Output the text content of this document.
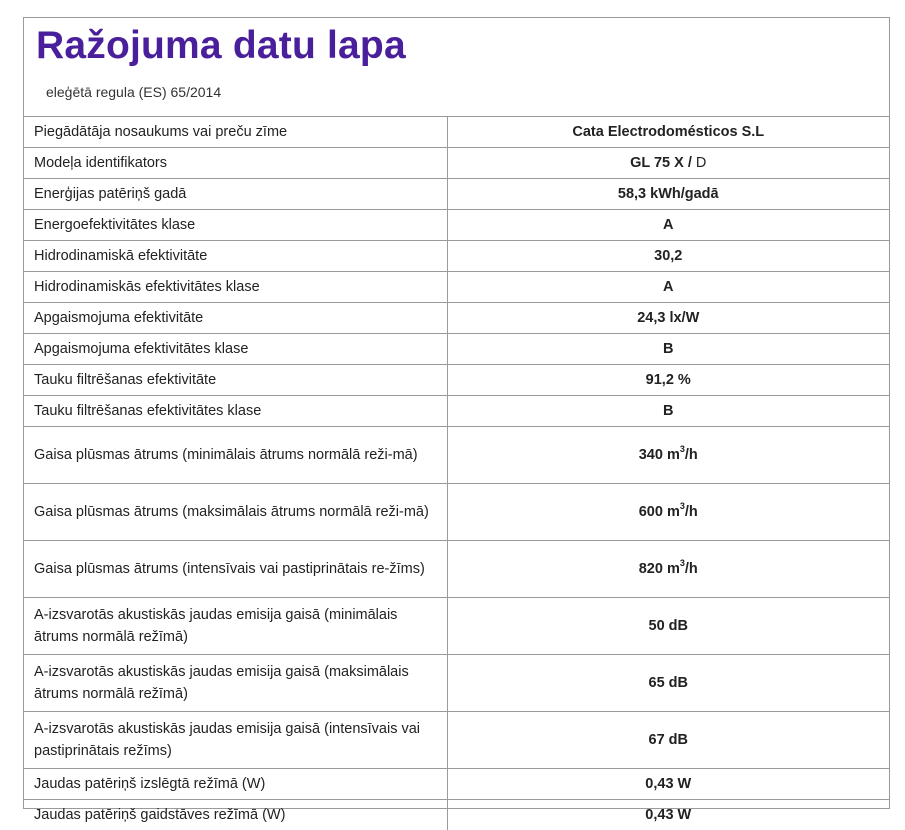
Ražojuma datu lapa
eleģētā regula (ES) 65/2014
Piegādātāja nosaukums vai preču zīme	Cata Electrodomésticos S.L
Modeļa identifikators	GL 75 X / D
Enerģijas patēriņš gadā	58,3 kWh/gadā
Energoefektivitātes klase	A
Hidrodinamiskā efektivitāte	30,2
Hidrodinamiskās efektivitātes klase	A
Apgaismojuma efektivitāte	24,3 lx/W
Apgaismojuma efektivitātes klase	B
Tauku filtrēšanas efektivitāte	91,2 %
Tauku filtrēšanas efektivitātes klase	B
Gaisa plūsmas ātrums (minimālais ātrums normālā reži-mā)	340 $m^3/h$
Gaisa plūsmas ātrums (maksimālais ātrums normālā reži-mā)	600 $m^3/h$
Gaisa plūsmas ātrums (intensīvais vai pastiprinātais re-žīms)	820 $m^3/h$
A-izsvarotās akustiskās jaudas emisija gaisā (minimālais ātrums normālā režīmā)	50 dB
A-izsvarotās akustiskās jaudas emisija gaisā (maksimālais ātrums normālā režīmā)	65 dB
A-izsvarotās akustiskās jaudas emisija gaisā (intensīvais vai pastiprinātais režīms)	67 dB
Jaudas patēriņš izslēgtā režīmā (W)	0,43 W
Jaudas patēriņš gaidstāves režīmā (W)	0,43 W
